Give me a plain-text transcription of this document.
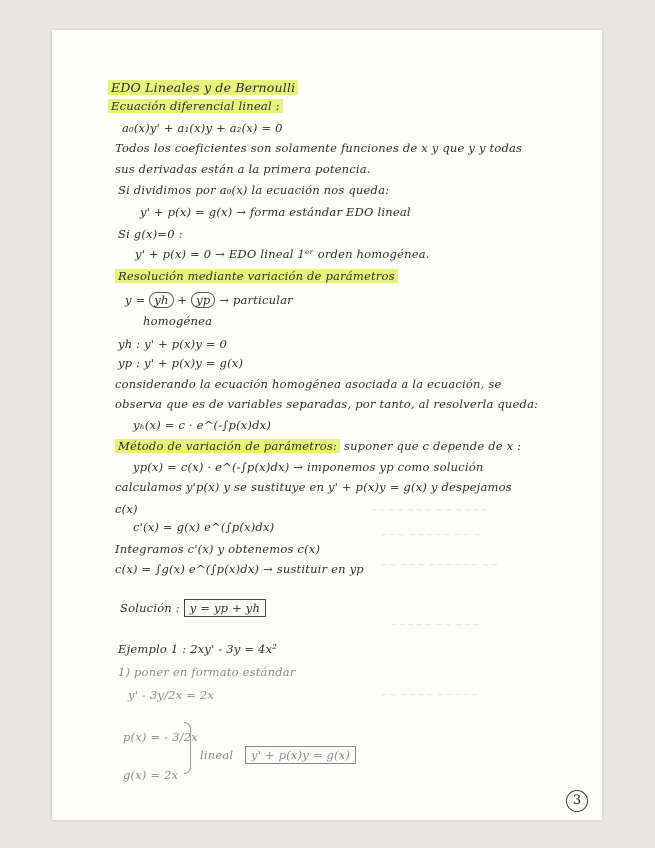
~~~~ ~~~ ~~ ~~~~
~~~ ~~~~~ ~~ ~
~~ ~~~ ~~~~~~ ~~
~~~~~ ~~ ~~~
~~ ~~~~ ~~~~~
EDO Lineales y de Bernoulli
Ecuación diferencial lineal :
a₀(x)y' + a₁(x)y + a₂(x) = 0
Todos los coeficientes son solamente funciones de x y que y y todas
sus derivadas están a la primera potencia.
Si dividimos por a₀(x) la ecuación nos queda:
y' + p(x) = g(x) → forma estándar EDO lineal
Si g(x)=0 :
y' + p(x) = 0 → EDO lineal 1ᵉʳ orden homogénea.
Resolución mediante variación de parámetros
y = yh + yp → particular
homogénea
yh : y' + p(x)y = 0
yp : y' + p(x)y = g(x)
considerando la ecuación homogénea asociada a la ecuación, se
observa que es de variables separadas, por tanto, al resolverla queda:
yₕ(x) = c · e^(-∫p(x)dx)
Método de variación de parámetros: suponer que c depende de x :
yp(x) = c(x) · e^(-∫p(x)dx) → imponemos yp como solución
calculamos y'p(x) y se sustituye en y' + p(x)y = g(x) y despejamos
c(x)
c'(x) = g(x) e^(∫p(x)dx)
Integramos c'(x) y obtenemos c(x)
c(x) = ∫g(x) e^(∫p(x)dx) → sustituir en yp
Solución : y = yp + yh
Ejemplo 1 : 2xy' - 3y = 4x²
1) poner en formato estándar
y' - 3y/2x = 2x
p(x) = - 3/2x
g(x) = 2x
lineal	y' + p(x)y = g(x)
3
